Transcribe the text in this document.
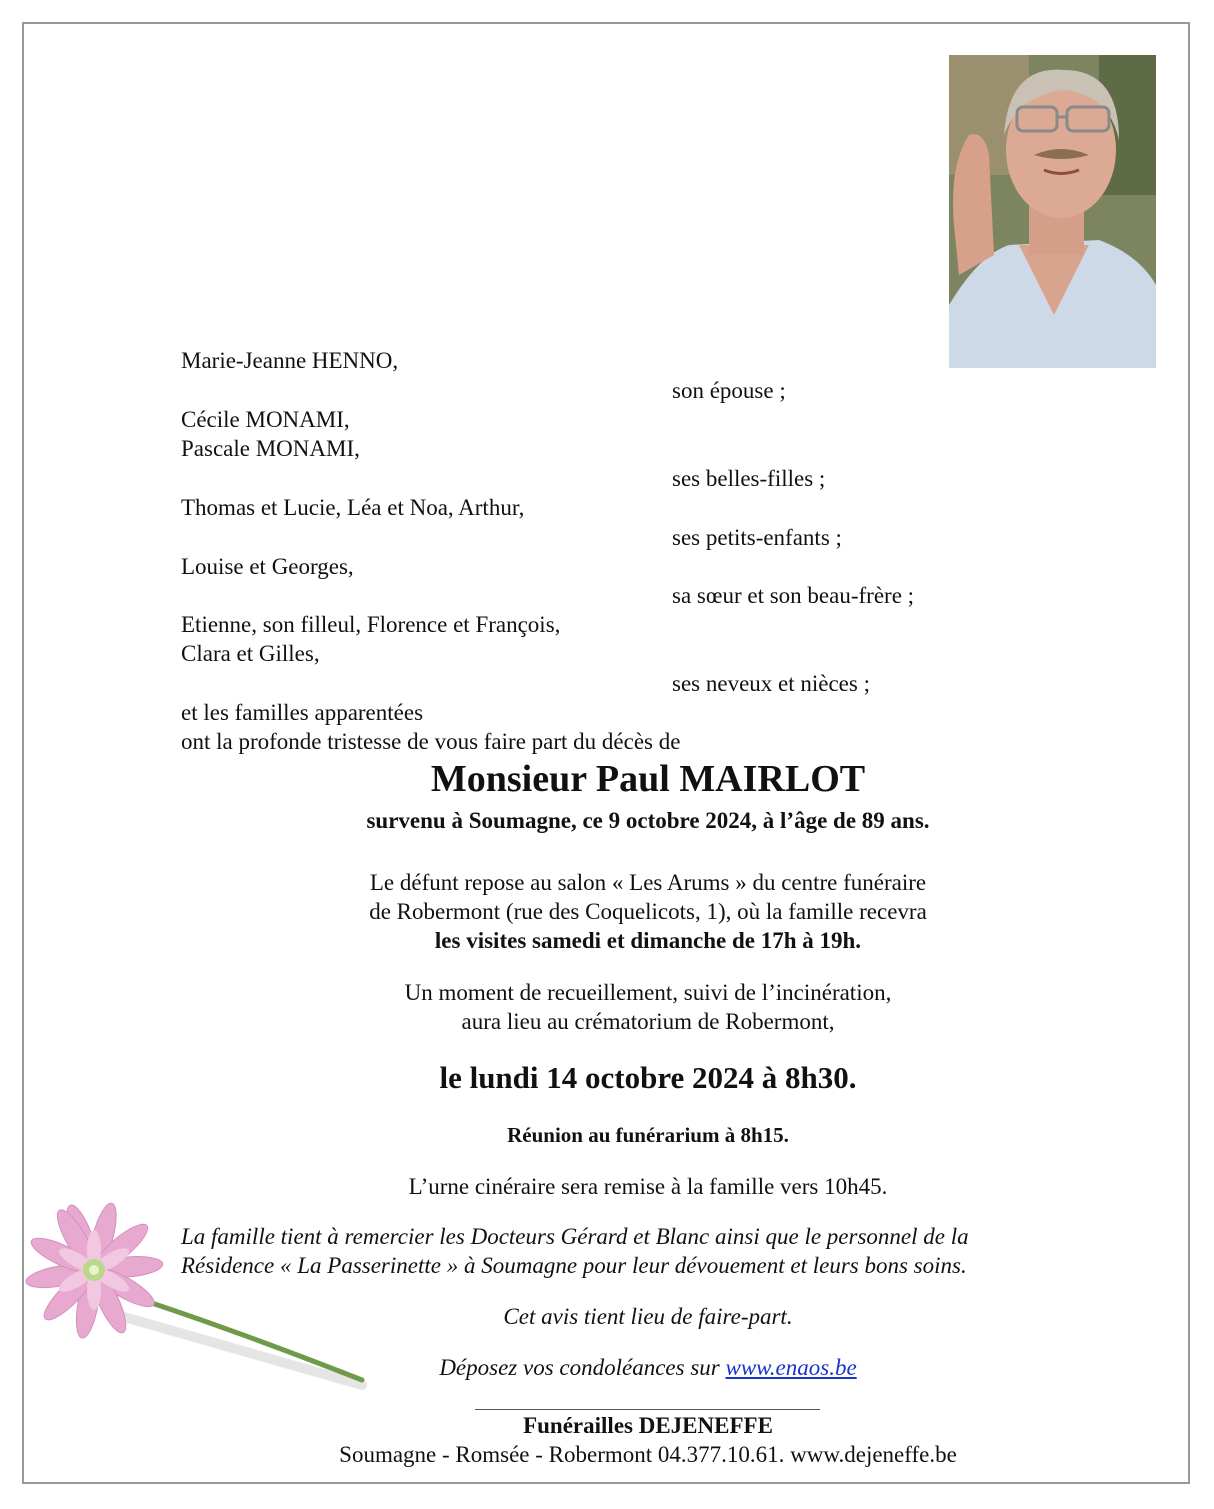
Marie-Jeanne HENNO,
son épouse ;
Cécile MONAMI,
Pascale MONAMI,
ses belles-filles ;
Thomas et Lucie, Léa et Noa, Arthur,
ses petits-enfants ;
Louise et Georges,
sa sœur et son beau-frère ;
Etienne, son filleul, Florence et François,
Clara et Gilles,
ses neveux et nièces ;
et les familles apparentées
ont la profonde tristesse de vous faire part du décès de
Monsieur Paul MAIRLOT
survenu à Soumagne, ce 9 octobre 2024, à l’âge de 89 ans.
Le défunt repose au salon « Les Arums » du centre funéraire
de Robermont (rue des Coquelicots, 1), où la famille recevra
les visites samedi et dimanche de 17h à 19h.
Un moment de recueillement, suivi de l’incinération,
aura lieu au crématorium de Robermont,
le lundi 14 octobre 2024 à 8h30.
Réunion au funérarium à 8h15.
L’urne cinéraire sera remise à la famille vers 10h45.
La famille tient à remercier les Docteurs Gérard et Blanc ainsi que le personnel de la
Résidence « La Passerinette » à Soumagne pour leur dévouement et leurs bons soins.
Cet avis tient lieu de faire-part.
Déposez vos condoléances sur www.enaos.be
Funérailles DEJENEFFE
Soumagne - Romsée - Robermont 04.377.10.61. www.dejeneffe.be
